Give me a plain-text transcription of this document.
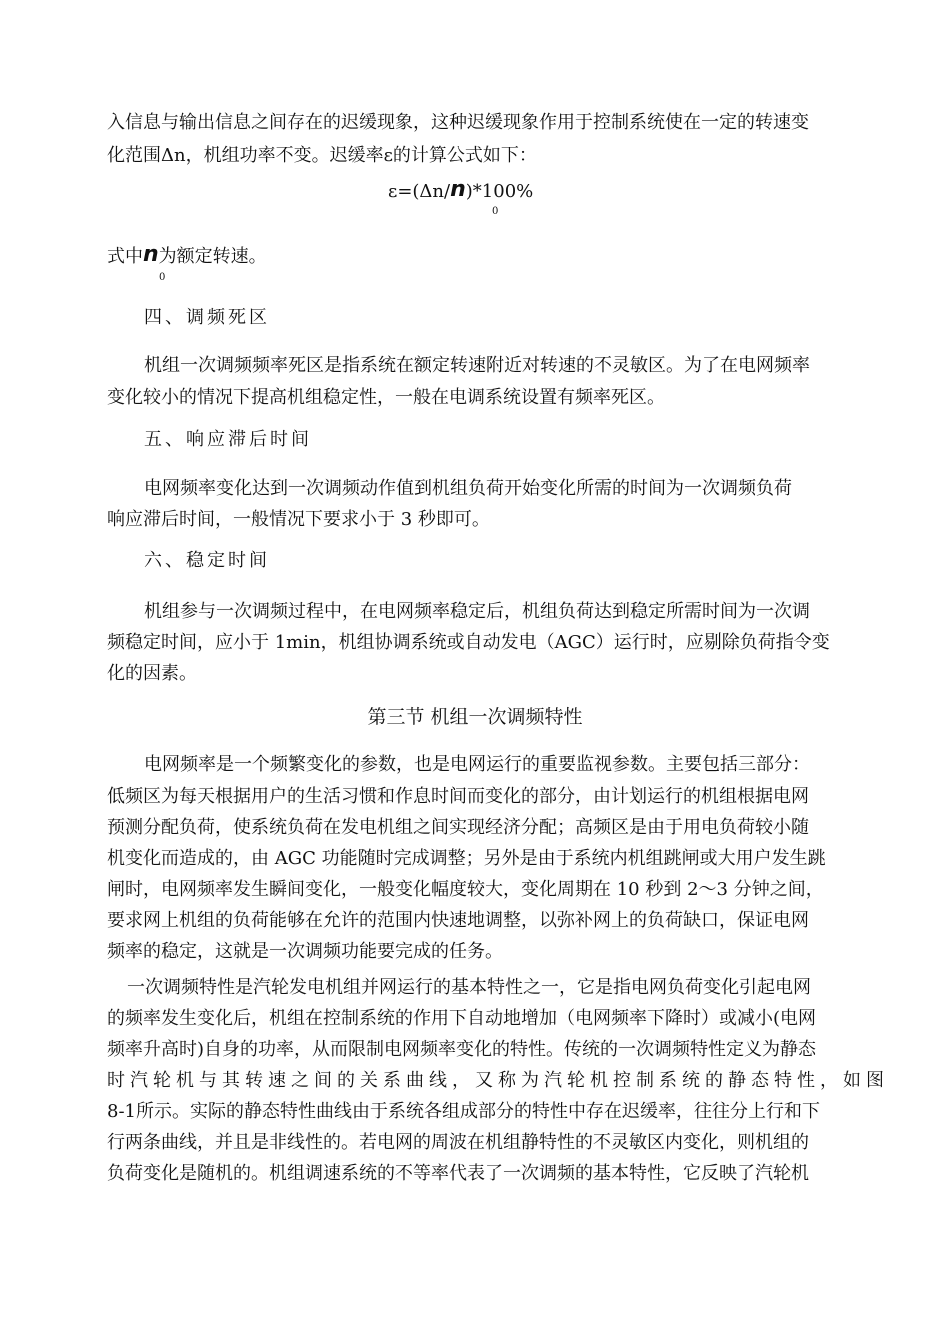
入信息与输出信息之间存在的迟缓现象，这种迟缓现象作用于控制系统使在一定的转速变
化范围Δn，机组功率不变。迟缓率ε的计算公式如下：
ε=(Δn/n
0
)*100%
式中n
0
为额定转速。
四、调频死区
机组一次调频频率死区是指系统在额定转速附近对转速的不灵敏区。为了在电网频率
变化较小的情况下提高机组稳定性，一般在电调系统设置有频率死区。
五、响应滞后时间
电网频率变化达到一次调频动作值到机组负荷开始变化所需的时间为一次调频负荷
响应滞后时间，一般情况下要求小于 3 秒即可。
六、稳定时间
机组参与一次调频过程中，在电网频率稳定后，机组负荷达到稳定所需时间为一次调
频稳定时间，应小于 1min，机组协调系统或自动发电（AGC）运行时，应剔除负荷指令变
化的因素。
第三节 机组一次调频特性
电网频率是一个频繁变化的参数，也是电网运行的重要监视参数。主要包括三部分：
低频区为每天根据用户的生活习惯和作息时间而变化的部分，由计划运行的机组根据电网
预测分配负荷，使系统负荷在发电机组之间实现经济分配；高频区是由于用电负荷较小随
机变化而造成的，由 AGC 功能随时完成调整；另外是由于系统内机组跳闸或大用户发生跳
闸时，电网频率发生瞬间变化，一般变化幅度较大，变化周期在 10 秒到 2～3 分钟之间，
要求网上机组的负荷能够在允许的范围内快速地调整，以弥补网上的负荷缺口，保证电网
频率的稳定，这就是一次调频功能要完成的任务。
一次调频特性是汽轮发电机组并网运行的基本特性之一，它是指电网负荷变化引起电网
的频率发生变化后，机组在控制系统的作用下自动地增加（电网频率下降时）或减小(电网
频率升高时)自身的功率，从而限制电网频率变化的特性。传统的一次调频特性定义为静态
时汽轮机与其转速之间的关系曲线，又称为汽轮机控制系统的静态特性，如图
8-1所示。实际的静态特性曲线由于系统各组成部分的特性中存在迟缓率，往往分上行和下
行两条曲线，并且是非线性的。若电网的周波在机组静特性的不灵敏区内变化，则机组的
负荷变化是随机的。机组调速系统的不等率代表了一次调频的基本特性，它反映了汽轮机
